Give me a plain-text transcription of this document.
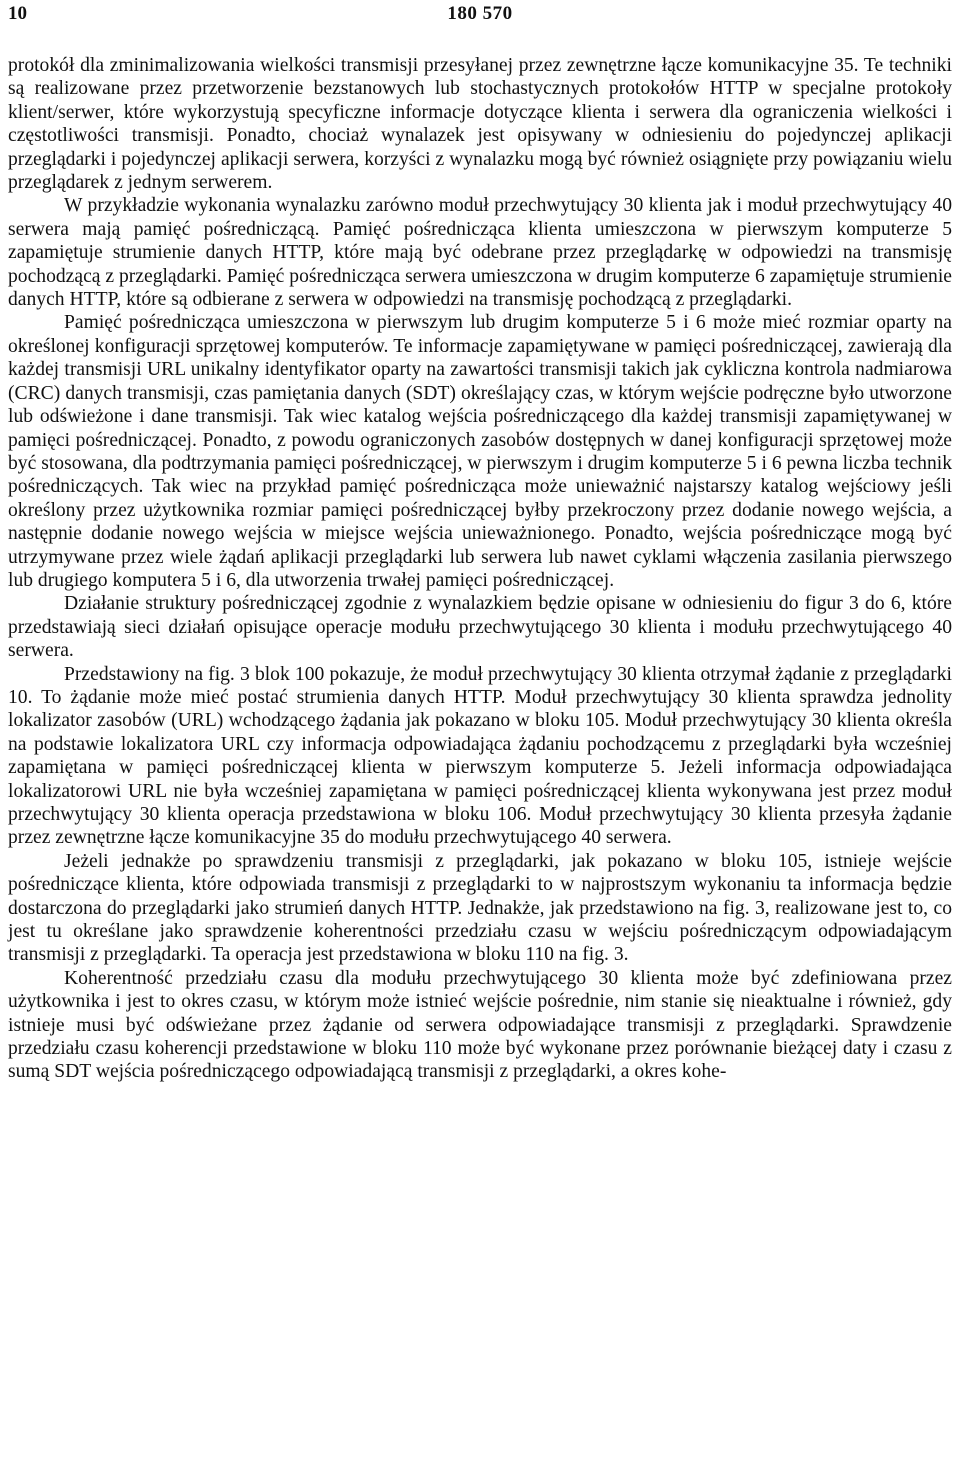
10	180 570

protokół dla zminimalizowania wielkości transmisji przesyłanej przez zewnętrzne łącze komunikacyjne 35. Te techniki są realizowane przez przetworzenie bezstanowych lub stochastycznych protokołów HTTP w specjalne protokoły klient/serwer, które wykorzystują specyficzne informacje dotyczące klienta i serwera dla ograniczenia wielkości i częstotliwości transmisji. Ponadto, chociaż wynalazek jest opisywany w odniesieniu do pojedynczej aplikacji przeglądarki i pojedynczej aplikacji serwera, korzyści z wynalazku mogą być również osiągnięte przy powiązaniu wielu przeglądarek z jednym serwerem.

W przykładzie wykonania wynalazku zarówno moduł przechwytujący 30 klienta jak i moduł przechwytujący 40 serwera mają pamięć pośredniczącą. Pamięć pośrednicząca klienta umieszczona w pierwszym komputerze 5 zapamiętuje strumienie danych HTTP, które mają być odebrane przez przeglądarkę w odpowiedzi na transmisję pochodzącą z przeglądarki. Pamięć pośrednicząca serwera umieszczona w drugim komputerze 6 zapamiętuje strumienie danych HTTP, które są odbierane z serwera w odpowiedzi na transmisję pochodzącą z przeglądarki.

Pamięć pośrednicząca umieszczona w pierwszym lub drugim komputerze 5 i 6 może mieć rozmiar oparty na określonej konfiguracji sprzętowej komputerów. Te informacje zapamiętywane w pamięci pośredniczącej, zawierają dla każdej transmisji URL unikalny identyfikator oparty na zawartości transmisji takich jak cykliczna kontrola nadmiarowa (CRC) danych transmisji, czas pamiętania danych (SDT) określający czas, w którym wejście podręczne było utworzone lub odświeżone i dane transmisji. Tak wiec katalog wejścia pośredniczącego dla każdej transmisji zapamiętywanej w pamięci pośredniczącej. Ponadto, z powodu ograniczonych zasobów dostępnych w danej konfiguracji sprzętowej może być stosowana, dla podtrzymania pamięci pośredniczącej, w pierwszym i drugim komputerze 5 i 6 pewna liczba technik pośredniczących. Tak wiec na przykład pamięć pośrednicząca może unieważnić najstarszy katalog wejściowy jeśli określony przez użytkownika rozmiar pamięci pośredniczącej byłby przekroczony przez dodanie nowego wejścia, a następnie dodanie nowego wejścia w miejsce wejścia unieważnionego. Ponadto, wejścia pośredniczące mogą być utrzymywane przez wiele żądań aplikacji przeglądarki lub serwera lub nawet cyklami włączenia zasilania pierwszego lub drugiego komputera 5 i 6, dla utworzenia trwałej pamięci pośredniczącej.

Działanie struktury pośredniczącej zgodnie z wynalazkiem będzie opisane w odniesieniu do figur 3 do 6, które przedstawiają sieci działań opisujące operacje modułu przechwytującego 30 klienta i modułu przechwytującego 40 serwera.

Przedstawiony na fig. 3 blok 100 pokazuje, że moduł przechwytujący 30 klienta otrzymał żądanie z przeglądarki 10. To żądanie może mieć postać strumienia danych HTTP. Moduł przechwytujący 30 klienta sprawdza jednolity lokalizator zasobów (URL) wchodzącego żądania jak pokazano w bloku 105. Moduł przechwytujący 30 klienta określa na podstawie lokalizatora URL czy informacja odpowiadająca żądaniu pochodzącemu z przeglądarki była wcześniej zapamiętana w pamięci pośredniczącej klienta w pierwszym komputerze 5. Jeżeli informacja odpowiadająca lokalizatorowi URL nie była wcześniej zapamiętana w pamięci pośredniczącej klienta wykonywana jest przez moduł przechwytujący 30 klienta operacja przedstawiona w bloku 106. Moduł przechwytujący 30 klienta przesyła żądanie przez zewnętrzne łącze komunikacyjne 35 do modułu przechwytującego 40 serwera.

Jeżeli jednakże po sprawdzeniu transmisji z przeglądarki, jak pokazano w bloku 105, istnieje wejście pośredniczące klienta, które odpowiada transmisji z przeglądarki to w najprostszym wykonaniu ta informacja będzie dostarczona do przeglądarki jako strumień danych HTTP. Jednakże, jak przedstawiono na fig. 3, realizowane jest to, co jest tu określane jako sprawdzenie koherentności przedziału czasu w wejściu pośredniczącym odpowiadającym transmisji z przeglądarki. Ta operacja jest przedstawiona w bloku 110 na fig. 3.

Koherentność przedziału czasu dla modułu przechwytującego 30 klienta może być zdefiniowana przez użytkownika i jest to okres czasu, w którym może istnieć wejście pośrednie, nim stanie się nieaktualne i również, gdy istnieje musi być odświeżane przez żądanie od serwera odpowiadające transmisji z przeglądarki. Sprawdzenie przedziału czasu koherencji przedstawione w bloku 110 może być wykonane przez porównanie bieżącej daty i czasu z sumą SDT wejścia pośredniczącego odpowiadającą transmisji z przeglądarki, a okres kohe-
